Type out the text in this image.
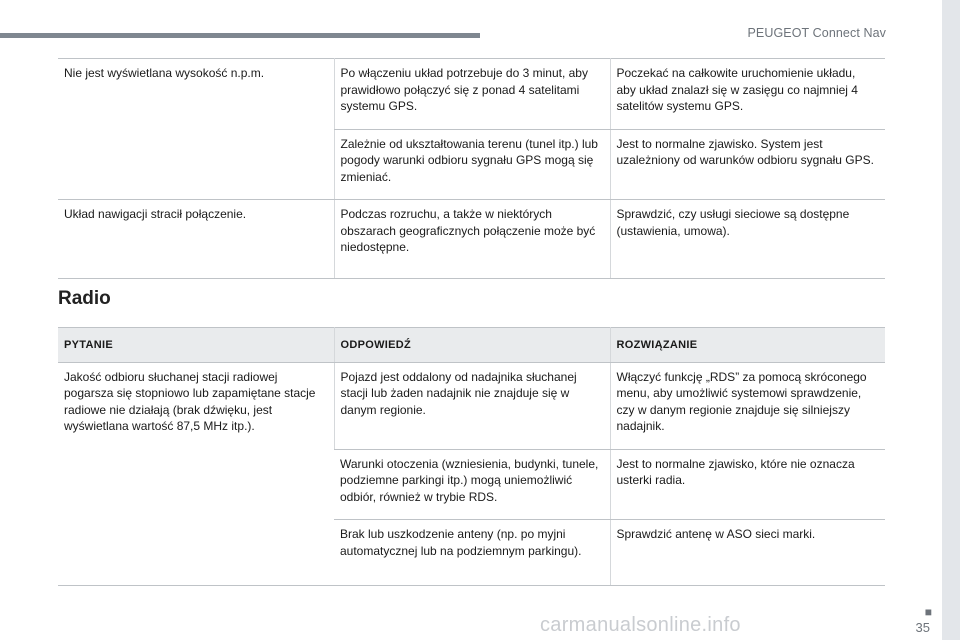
PEUGEOT Connect Nav
Nie jest wyświetlana wysokość n.p.m.	Po włączeniu układ potrzebuje do 3 minut, aby prawidłowo połączyć się z ponad 4 satelitami systemu GPS.	Poczekać na całkowite uruchomienie układu, aby układ znalazł się w zasięgu co najmniej 4 satelitów systemu GPS.
	Zależnie od ukształtowania terenu (tunel itp.) lub pogody warunki odbioru sygnału GPS mogą się zmieniać.	Jest to normalne zjawisko. System jest uzależniony od warunków odbioru sygnału GPS.
Układ nawigacji stracił połączenie.	Podczas rozruchu, a także w niektórych obszarach geograficznych połączenie może być niedostępne.	Sprawdzić, czy usługi sieciowe są dostępne (ustawienia, umowa).
Radio
PYTANIE	ODPOWIEDŹ	ROZWIĄZANIE
Jakość odbioru słuchanej stacji radiowej pogarsza się stopniowo lub zapamiętane stacje radiowe nie działają (brak dźwięku, jest wyświetlana wartość 87,5 MHz itp.).	Pojazd jest oddalony od nadajnika słuchanej stacji lub żaden nadajnik nie znajduje się w danym regionie.	Włączyć funkcję „RDS” za pomocą skróconego menu, aby umożliwić systemowi sprawdzenie, czy w danym regionie znajduje się silniejszy nadajnik.
	Warunki otoczenia (wzniesienia, budynki, tunele, podziemne parkingi itp.) mogą uniemożliwić odbiór, również w trybie RDS.	Jest to normalne zjawisko, które nie oznacza usterki radia.
	Brak lub uszkodzenie anteny (np. po myjni automatycznej lub na podziemnym parkingu).	Sprawdzić antenę w ASO sieci marki.
■
carmanualsonline.info	35
